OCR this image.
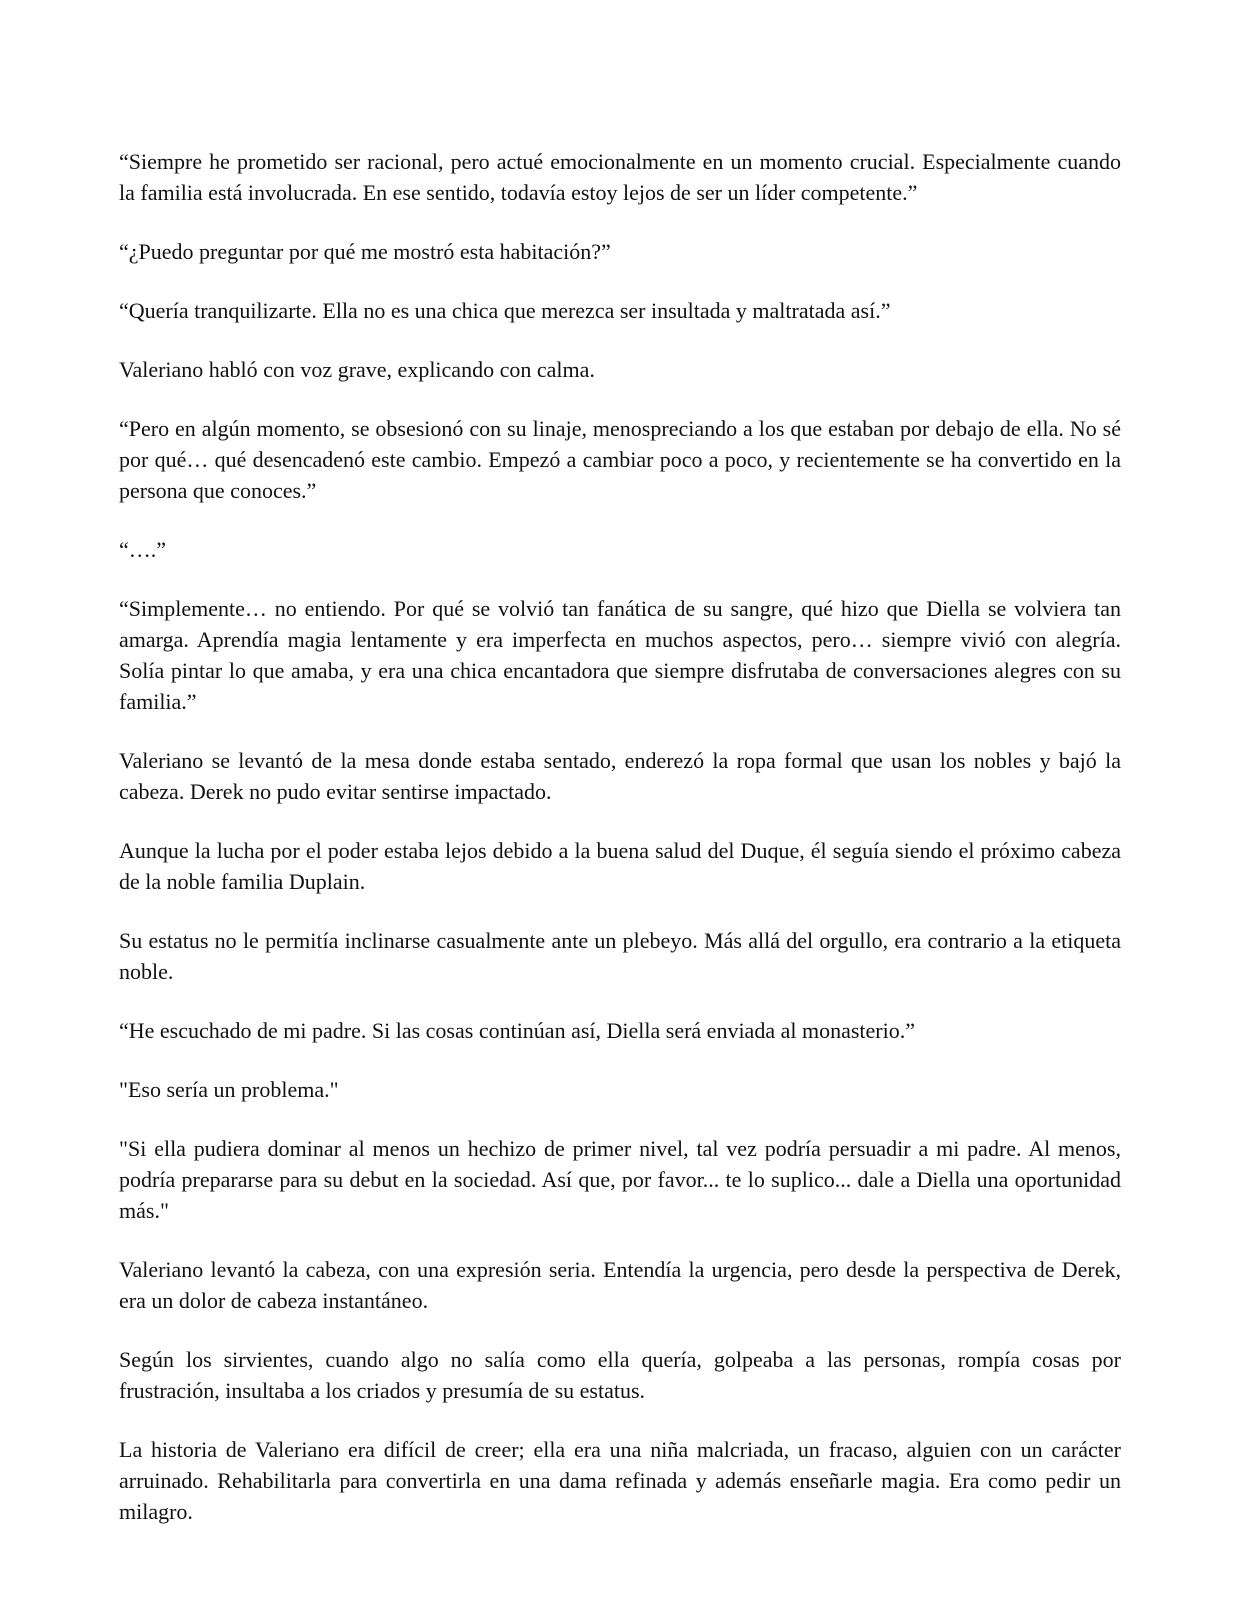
“Siempre he prometido ser racional, pero actué emocionalmente en un momento crucial. Especialmente cuando la familia está involucrada. En ese sentido, todavía estoy lejos de ser un líder competente.”

“¿Puedo preguntar por qué me mostró esta habitación?”

“Quería tranquilizarte. Ella no es una chica que merezca ser insultada y maltratada así.”

Valeriano habló con voz grave, explicando con calma.

“Pero en algún momento, se obsesionó con su linaje, menospreciando a los que estaban por debajo de ella. No sé por qué… qué desencadenó este cambio. Empezó a cambiar poco a poco, y recientemente se ha convertido en la persona que conoces.”

“….”

“Simplemente… no entiendo. Por qué se volvió tan fanática de su sangre, qué hizo que Diella se volviera tan amarga. Aprendía magia lentamente y era imperfecta en muchos aspectos, pero… siempre vivió con alegría. Solía pintar lo que amaba, y era una chica encantadora que siempre disfrutaba de conversaciones alegres con su familia.”

Valeriano se levantó de la mesa donde estaba sentado, enderezó la ropa formal que usan los nobles y bajó la cabeza. Derek no pudo evitar sentirse impactado.

Aunque la lucha por el poder estaba lejos debido a la buena salud del Duque, él seguía siendo el próximo cabeza de la noble familia Duplain.

Su estatus no le permitía inclinarse casualmente ante un plebeyo. Más allá del orgullo, era contrario a la etiqueta noble.

“He escuchado de mi padre. Si las cosas continúan así, Diella será enviada al monasterio.”

"Eso sería un problema."

"Si ella pudiera dominar al menos un hechizo de primer nivel, tal vez podría persuadir a mi padre. Al menos, podría prepararse para su debut en la sociedad. Así que, por favor... te lo suplico... dale a Diella una oportunidad más."

Valeriano levantó la cabeza, con una expresión seria. Entendía la urgencia, pero desde la perspectiva de Derek, era un dolor de cabeza instantáneo.

Según los sirvientes, cuando algo no salía como ella quería, golpeaba a las personas, rompía cosas por frustración, insultaba a los criados y presumía de su estatus.

La historia de Valeriano era difícil de creer; ella era una niña malcriada, un fracaso, alguien con un carácter arruinado. Rehabilitarla para convertirla en una dama refinada y además enseñarle magia. Era como pedir un milagro.
